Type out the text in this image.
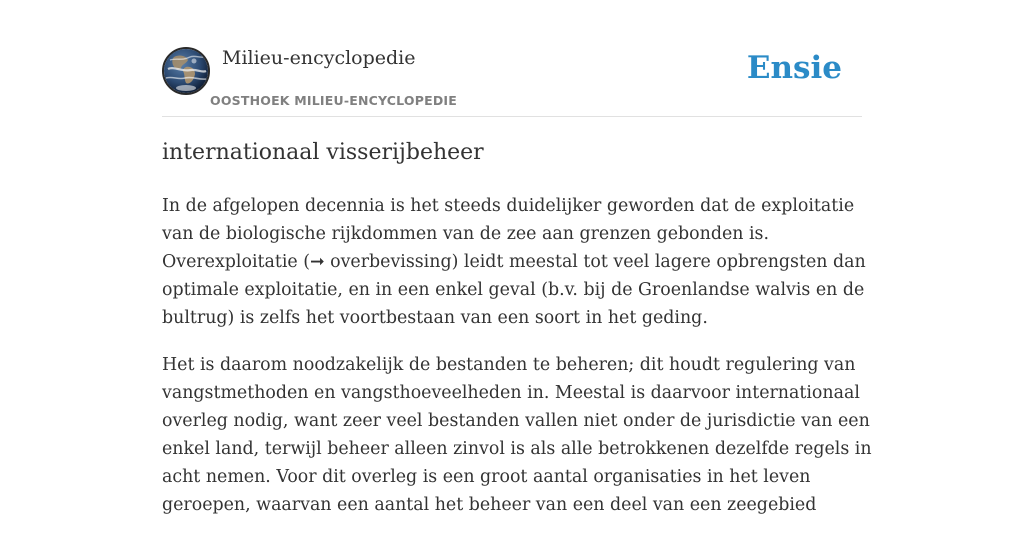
Milieu-encyclopedie
OOSTHOEK MILIEU-ENCYCLOPEDIE
Ensie
internationaal visserijbeheer

In de afgelopen decennia is het steeds duidelijker geworden dat de exploitatie
van de biologische rijkdommen van de zee aan grenzen gebonden is.
Overexploitatie (➞ overbevissing) leidt meestal tot veel lagere opbrengsten dan
optimale exploitatie, en in een enkel geval (b.v. bij de Groenlandse walvis en de
bultrug) is zelfs het voortbestaan van een soort in het geding.

Het is daarom noodzakelijk de bestanden te beheren; dit houdt regulering van
vangstmethoden en vangsthoeveelheden in. Meestal is daarvoor internationaal
overleg nodig, want zeer veel bestanden vallen niet onder de jurisdictie van een
enkel land, terwijl beheer alleen zinvol is als alle betrokkenen dezelfde regels in
acht nemen. Voor dit overleg is een groot aantal organisaties in het leven
geroepen, waarvan een aantal het beheer van een deel van een zeegebied
